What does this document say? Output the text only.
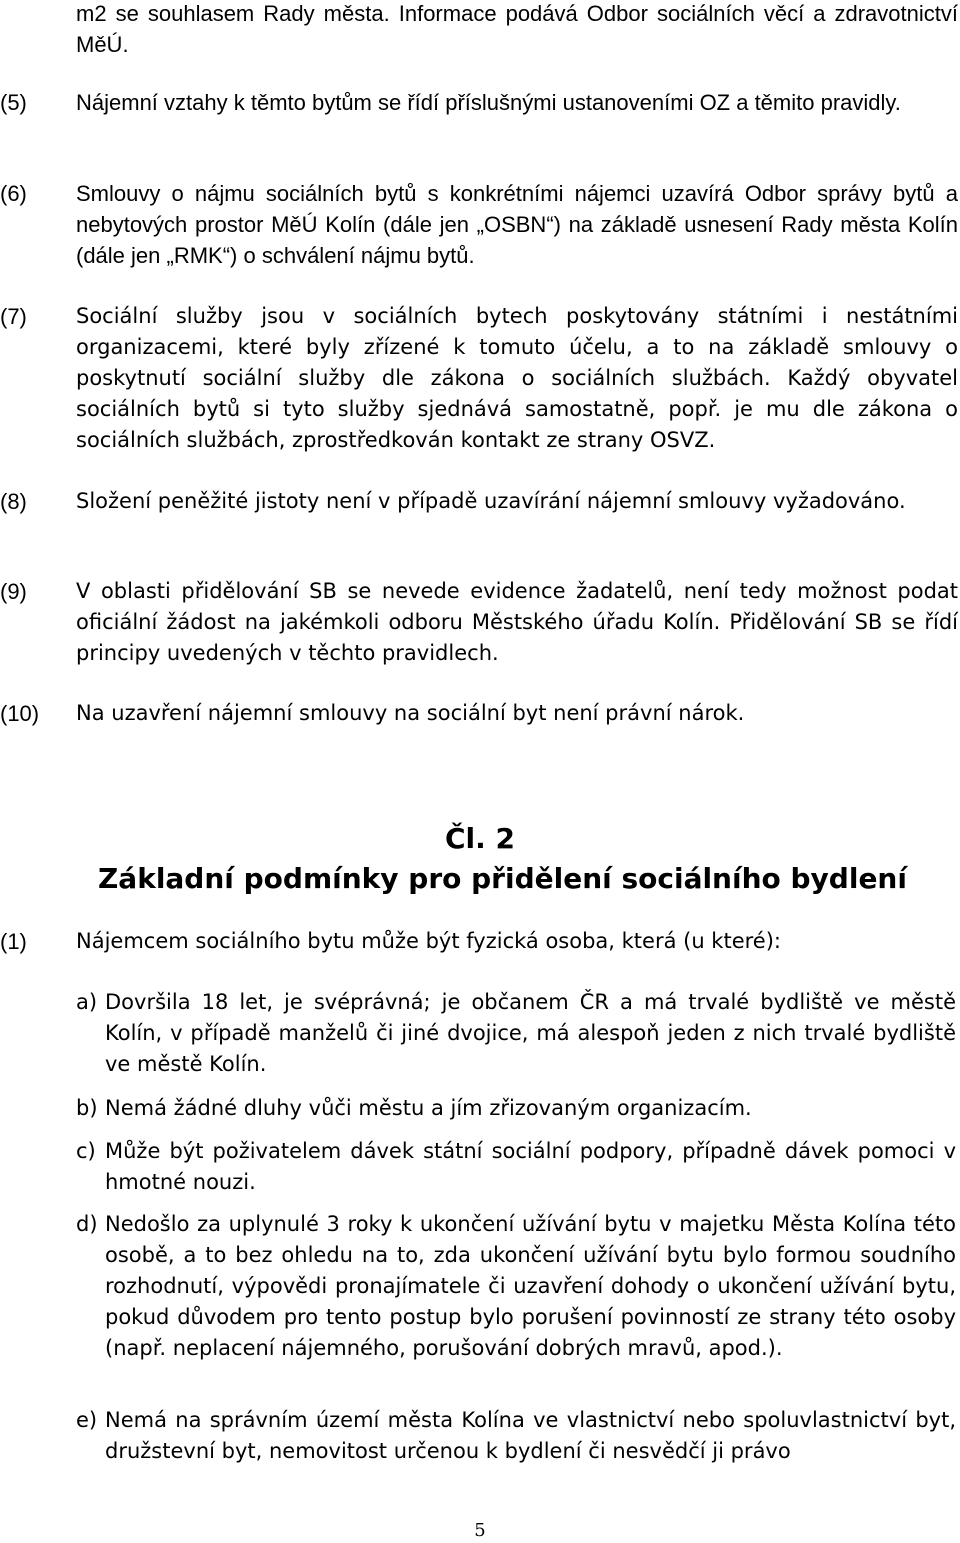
m2 se souhlasem Rady města. Informace podává Odbor sociálních věcí a zdravotnictví MěÚ.
(5) Nájemní vztahy k těmto bytům se řídí příslušnými ustanoveními OZ a těmito pravidly.
(6) Smlouvy o nájmu sociálních bytů s konkrétními nájemci uzavírá Odbor správy bytů a nebytových prostor MěÚ Kolín (dále jen „OSBN“) na základě usnesení Rady města Kolín (dále jen „RMK“) o schválení nájmu bytů.
(7) Sociální služby jsou v sociálních bytech poskytovány státními i nestátními organizacemi, které byly zřízené k tomuto účelu, a to na základě smlouvy o poskytnutí sociální služby dle zákona o sociálních službách. Každý obyvatel sociálních bytů si tyto služby sjednává samostatně, popř. je mu dle zákona o sociálních službách, zprostředkován kontakt ze strany OSVZ.
(8) Složení peněžité jistoty není v případě uzavírání nájemní smlouvy vyžadováno.
(9) V oblasti přidělování SB se nevede evidence žadatelů, není tedy možnost podat oficiální žádost na jakémkoli odboru Městského úřadu Kolín. Přidělování SB se řídí principy uvedených v těchto pravidlech.
(10) Na uzavření nájemní smlouvy na sociální byt není právní nárok.
Čl. 2
Základní podmínky pro přidělení sociálního bydlení
(1) Nájemcem sociálního bytu může být fyzická osoba, která (u které):
a) Dovršila 18 let, je svéprávná; je občanem ČR a má trvalé bydliště ve městě Kolín, v případě manželů či jiné dvojice, má alespoň jeden z nich trvalé bydliště ve městě Kolín.
b) Nemá žádné dluhy vůči městu a jím zřizovaným organizacím.
c) Může být poživatelem dávek státní sociální podpory, případně dávek pomoci v hmotné nouzi.
d) Nedošlo za uplynulé 3 roky k ukončení užívání bytu v majetku Města Kolína této osobě, a to bez ohledu na to, zda ukončení užívání bytu bylo formou soudního rozhodnutí, výpovědi pronajímatele či uzavření dohody o ukončení užívání bytu, pokud důvodem pro tento postup bylo porušení povinností ze strany této osoby (např. neplacení nájemného, porušování dobrých mravů, apod.).
e) Nemá na správním území města Kolína ve vlastnictví nebo spoluvlastnictví byt, družstevní byt, nemovitost určenou k bydlení či nesvědčí ji právo
5
